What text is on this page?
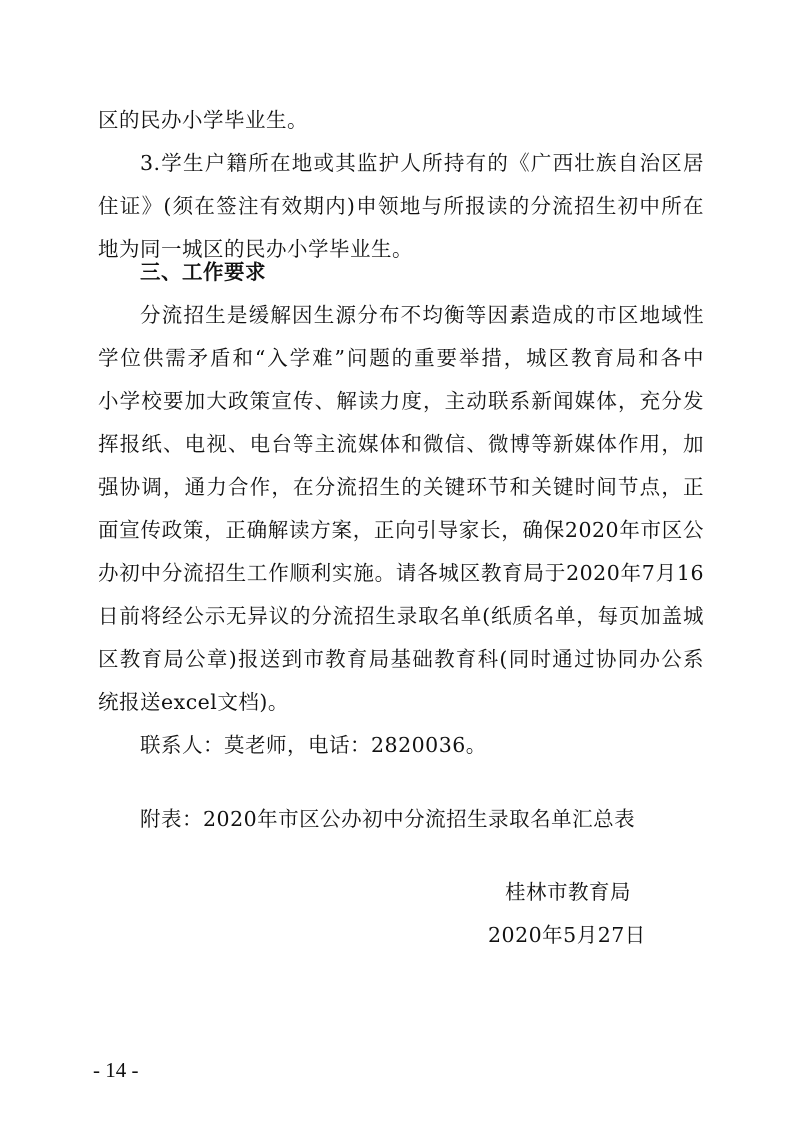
区的民办小学毕业生。
3.学生户籍所在地或其监护人所持有的《广西壮族自治区居
住证》(须在签注有效期内)申领地与所报读的分流招生初中所在
地为同一城区的民办小学毕业生。
三、工作要求
分流招生是缓解因生源分布不均衡等因素造成的市区地域性
学位供需矛盾和“入学难”问题的重要举措，城区教育局和各中
小学校要加大政策宣传、解读力度，主动联系新闻媒体，充分发
挥报纸、电视、电台等主流媒体和微信、微博等新媒体作用，加
强协调，通力合作，在分流招生的关键环节和关键时间节点，正
面宣传政策，正确解读方案，正向引导家长，确保2020年市区公
办初中分流招生工作顺利实施。请各城区教育局于2020年7月16
日前将经公示无异议的分流招生录取名单(纸质名单，每页加盖城
区教育局公章)报送到市教育局基础教育科(同时通过协同办公系
统报送excel文档)。
联系人：莫老师，电话：2820036。
附表：2020年市区公办初中分流招生录取名单汇总表
桂林市教育局
2020年5月27日
- 14 -
